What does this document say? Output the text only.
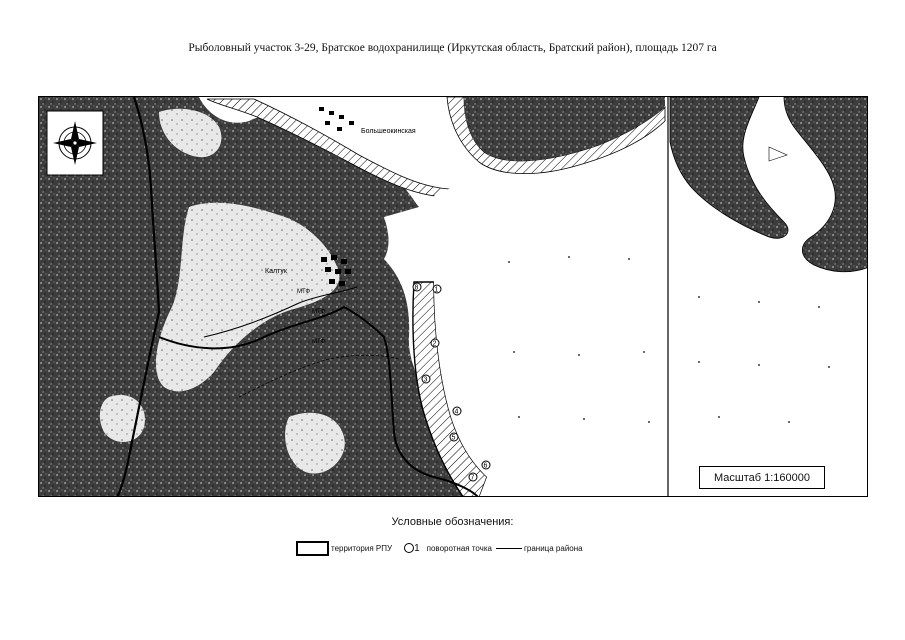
Рыболовный участок 3-29, Братское водохранилище (Иркутская область, Братский район), площадь 1207 га
Большеокинская
Калтук
МТФ
МТФ
МТФ
1
2
3
4
5
6
7
8
Масштаб 1:160000
Условные обозначения:
территория РПУ 1 поворотная точка	граница района
